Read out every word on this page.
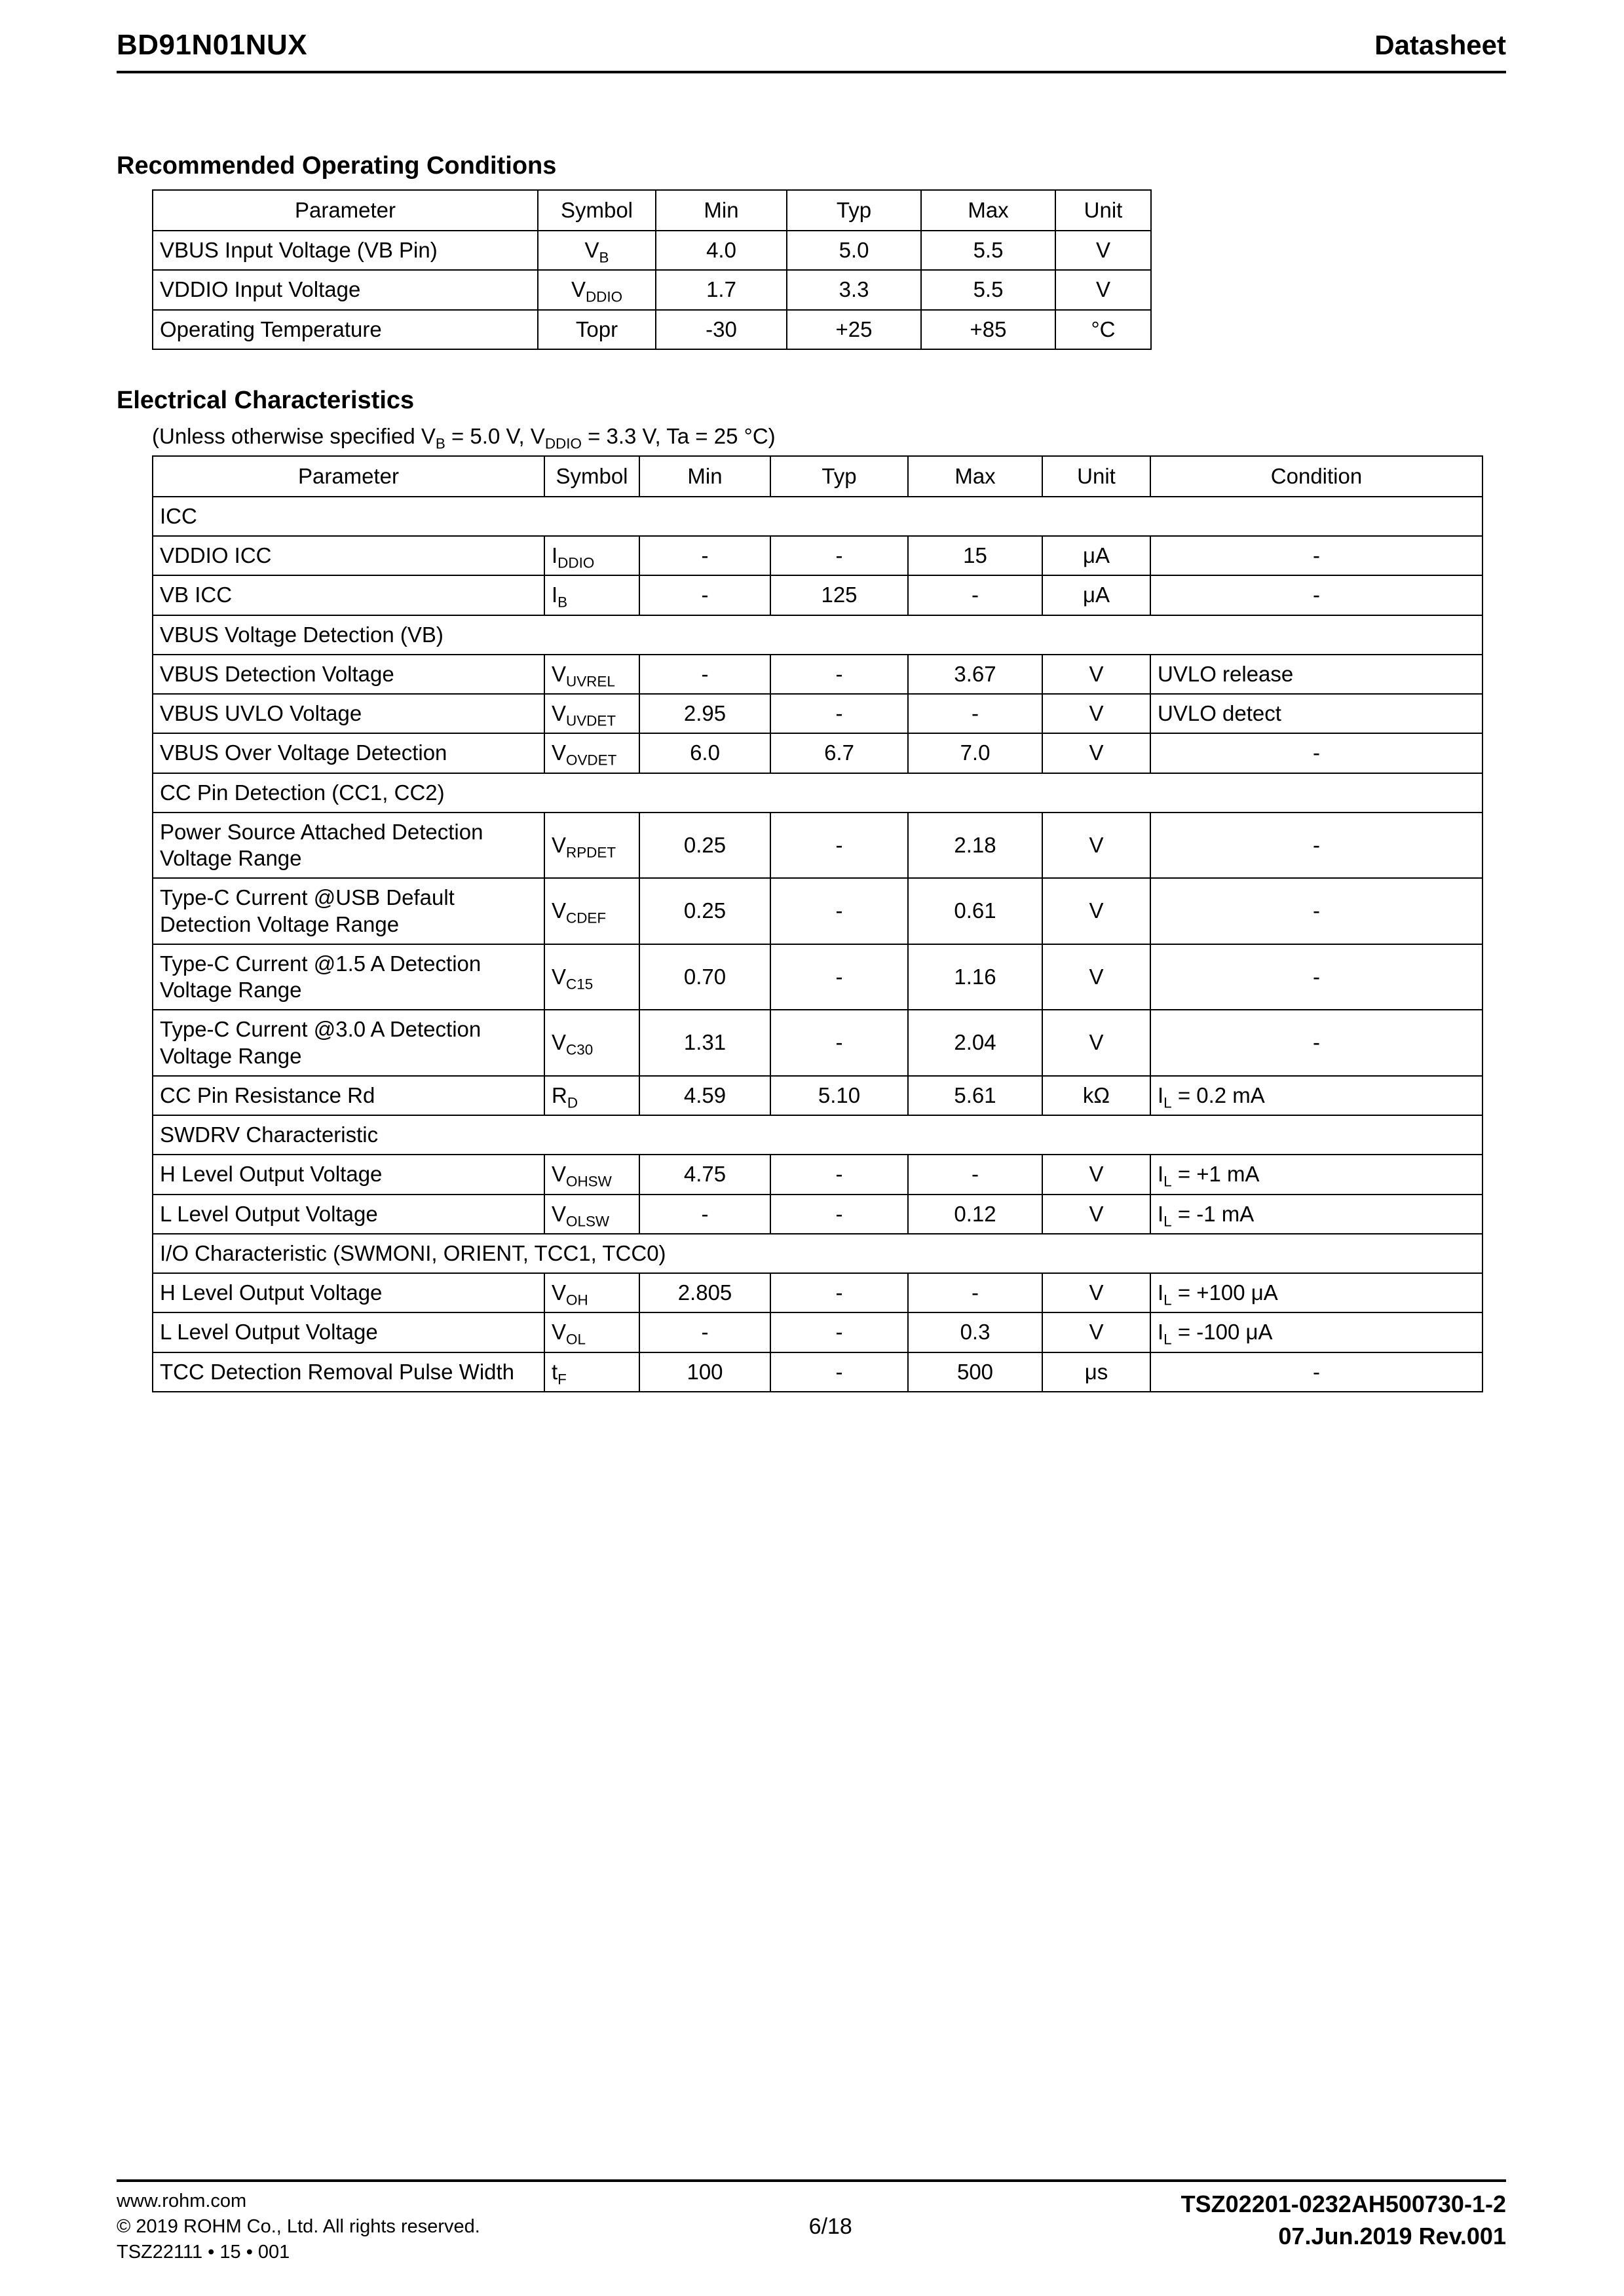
BD91N01NUX	Datasheet
Recommended Operating Conditions
Parameter	Symbol	Min	Typ	Max	Unit
VBUS Input Voltage (VB Pin)	$V_B$	4.0	5.0	5.5	V
VDDIO Input Voltage	$V_{DDIO}$	1.7	3.3	5.5	V
Operating Temperature	Topr	-30	+25	+85	°C
Electrical Characteristics

(Unless otherwise specified $V_B = 5.0$ V, $V_{DDIO} = 3.3$ V, Ta = 25 °C)

Parameter	Symbol	Min	Typ	Max	Unit	Condition
ICC						
VDDIO ICC	$I_{DDIO}$	-	-	15	μA	-
VB ICC	$I_B$	-	125	-	μA	-
VBUS Voltage Detection (VB)						
VBUS Detection Voltage	$V_{UVREL}$	-	-	3.67	V	UVLO release
VBUS UVLO Voltage	$V_{UVDET}$	2.95	-	-	V	UVLO detect
VBUS Over Voltage Detection	$V_{OVDET}$	6.0	6.7	7.0	V	-
CC Pin Detection (CC1, CC2)						
Power Source Attached Detection Voltage Range	$V_{RPDET}$	0.25	-	2.18	V	-
Type-C Current @USB Default Detection Voltage Range	$V_{CDEF}$	0.25	-	0.61	V	-
Type-C Current @1.5 A Detection Voltage Range	$V_{C15}$	0.70	-	1.16	V	-
Type-C Current @3.0 A Detection Voltage Range	$V_{C30}$	1.31	-	2.04	V	-
CC Pin Resistance Rd	$R_D$	4.59	5.10	5.61	kΩ	$I_L = 0.2$ mA
SWDRV Characteristic						
H Level Output Voltage	$V_{OHSW}$	4.75	-	-	V	$I_L = +1$ mA
L Level Output Voltage	$V_{OLSW}$	-	-	0.12	V	$I_L = -1$ mA
I/O Characteristic (SWMONI, ORIENT, TCC1, TCC0)						
H Level Output Voltage	$V_{OH}$	2.805	-	-	V	$I_L = +100$ μA
L Level Output Voltage	$V_{OL}$	-	-	0.3	V	$I_L = -100$ μA
TCC Detection Removal Pulse Width	$t_F$	100	-	500	μs	-
www.rohm.com
© 2019 ROHM Co., Ltd. All rights reserved.
TSZ22111 • 15 • 001
6/18
TSZ02201-0232AH500730-1-2
07.Jun.2019 Rev.001
